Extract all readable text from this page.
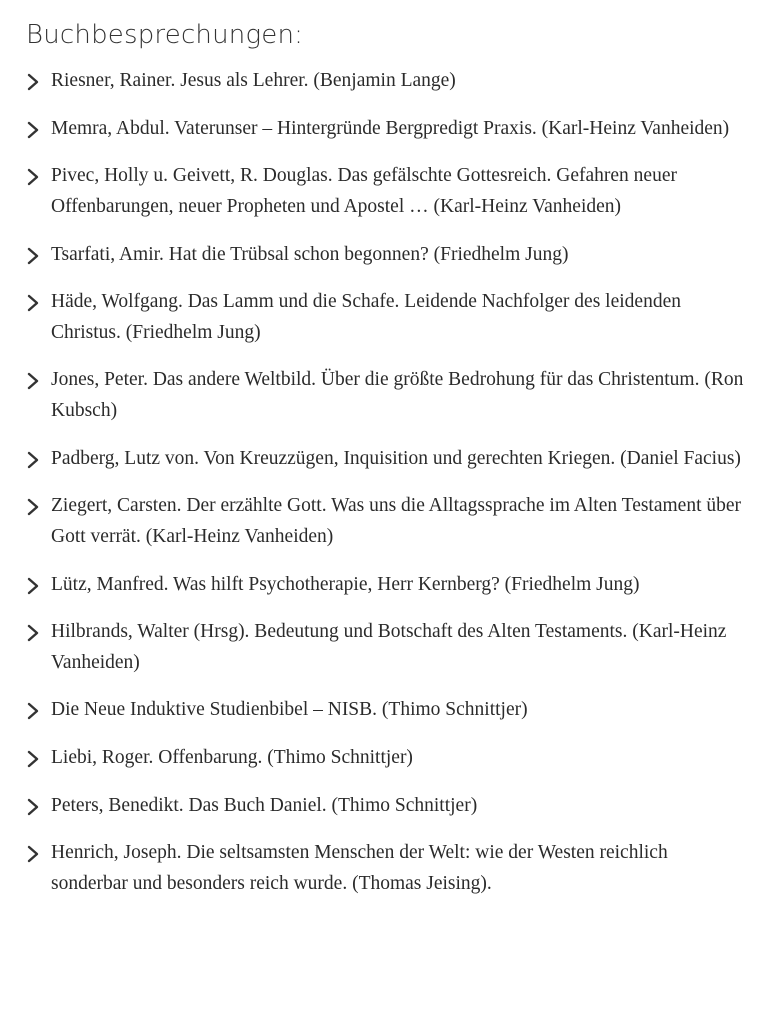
Buchbesprechungen:
Riesner, Rainer. Jesus als Lehrer. (Benjamin Lange)
Memra, Abdul. Vaterunser – Hintergründe Bergpredigt Praxis. (Karl-Heinz Vanheiden)
Pivec, Holly u. Geivett, R. Douglas. Das gefälschte Gottesreich. Gefahren neuer Offenbarungen, neuer Propheten und Apostel … (Karl-Heinz Vanheiden)
Tsarfati, Amir. Hat die Trübsal schon begonnen? (Friedhelm Jung)
Häde, Wolfgang. Das Lamm und die Schafe. Leidende Nachfolger des leidenden Christus. (Friedhelm Jung)
Jones, Peter. Das andere Weltbild. Über die größte Bedrohung für das Christentum. (Ron Kubsch)
Padberg, Lutz von. Von Kreuzzügen, Inquisition und gerechten Kriegen. (Daniel Facius)
Ziegert, Carsten. Der erzählte Gott. Was uns die Alltagssprache im Alten Testament über Gott verrät. (Karl-Heinz Vanheiden)
Lütz, Manfred. Was hilft Psychotherapie, Herr Kernberg? (Friedhelm Jung)
Hilbrands, Walter (Hrsg). Bedeutung und Botschaft des Alten Testaments. (Karl-Heinz Vanheiden)
Die Neue Induktive Studienbibel – NISB. (Thimo Schnittjer)
Liebi, Roger. Offenbarung. (Thimo Schnittjer)
Peters, Benedikt. Das Buch Daniel. (Thimo Schnittjer)
Henrich, Joseph. Die seltsamsten Menschen der Welt: wie der Westen reichlich sonderbar und besonders reich wurde. (Thomas Jeising).
